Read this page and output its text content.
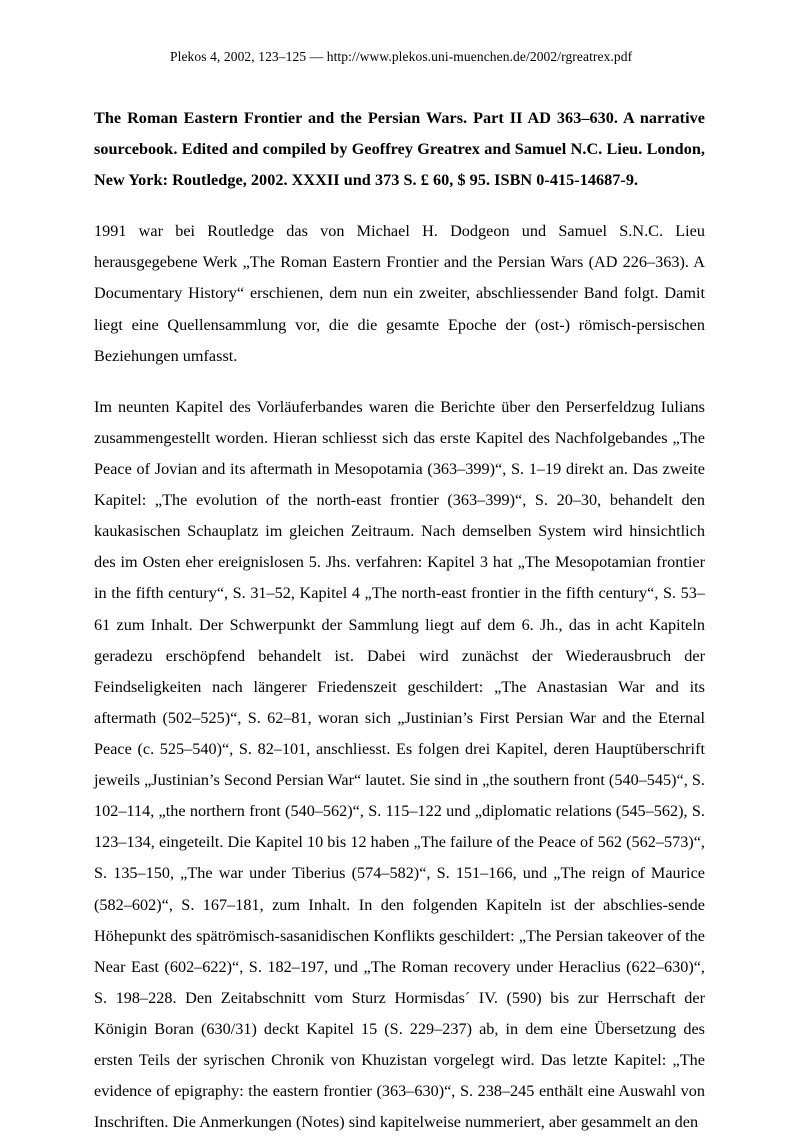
Plekos 4, 2002, 123–125 — http://www.plekos.uni-muenchen.de/2002/rgreatrex.pdf
The Roman Eastern Frontier and the Persian Wars. Part II AD 363–630. A narrative sourcebook. Edited and compiled by Geoffrey Greatrex and Samuel N.C. Lieu. London, New York: Routledge, 2002. XXXII und 373 S. £ 60, $ 95. ISBN 0-415-14687-9.
1991 war bei Routledge das von Michael H. Dodgeon und Samuel S.N.C. Lieu herausgegebene Werk „The Roman Eastern Frontier and the Persian Wars (AD 226–363). A Documentary History“ erschienen, dem nun ein zweiter, abschliessender Band folgt. Damit liegt eine Quellensammlung vor, die die gesamte Epoche der (ost-) römisch-persischen Beziehungen umfasst.
Im neunten Kapitel des Vorläuferbandes waren die Berichte über den Perserfeldzug Iulians zusammengestellt worden. Hieran schliesst sich das erste Kapitel des Nachfolgebandes „The Peace of Jovian and its aftermath in Mesopotamia (363–399)“, S. 1–19 direkt an. Das zweite Kapitel: „The evolution of the north-east frontier (363–399)“, S. 20–30, behandelt den kaukasischen Schauplatz im gleichen Zeitraum. Nach demselben System wird hinsichtlich des im Osten eher ereignislosen 5. Jhs. verfahren: Kapitel 3 hat „The Mesopotamian frontier in the fifth century“, S. 31–52, Kapitel 4 „The north-east frontier in the fifth century“, S. 53–61 zum Inhalt. Der Schwerpunkt der Sammlung liegt auf dem 6. Jh., das in acht Kapiteln geradezu erschöpfend behandelt ist. Dabei wird zunächst der Wiederausbruch der Feindseligkeiten nach längerer Friedenszeit geschildert: „The Anastasian War and its aftermath (502–525)“, S. 62–81, woran sich „Justinian’s First Persian War and the Eternal Peace (c. 525–540)“, S. 82–101, anschliesst. Es folgen drei Kapitel, deren Hauptüberschrift jeweils „Justinian’s Second Persian War“ lautet. Sie sind in „the southern front (540–545)“, S. 102–114, „the northern front (540–562)“, S. 115–122 und „diplomatic relations (545–562), S. 123–134, eingeteilt. Die Kapitel 10 bis 12 haben „The failure of the Peace of 562 (562–573)“, S. 135–150, „The war under Tiberius (574–582)“, S. 151–166, und „The reign of Maurice (582–602)“, S. 167–181, zum Inhalt. In den folgenden Kapiteln ist der abschlies-sende Höhepunkt des spätrömisch-sasanidischen Konflikts geschildert: „The Persian takeover of the Near East (602–622)“, S. 182–197, und „The Roman recovery under Heraclius (622–630)“, S. 198–228. Den Zeitabschnitt vom Sturz Hormisdas´ IV. (590) bis zur Herrschaft der Königin Boran (630/31) deckt Kapitel 15 (S. 229–237) ab, in dem eine Übersetzung des ersten Teils der syrischen Chronik von Khuzistan vorgelegt wird. Das letzte Kapitel: „The evidence of epigraphy: the eastern frontier (363–630)“, S. 238–245 enthält eine Auswahl von Inschriften. Die Anmerkungen (Notes) sind kapitelweise nummeriert, aber gesammelt an den
